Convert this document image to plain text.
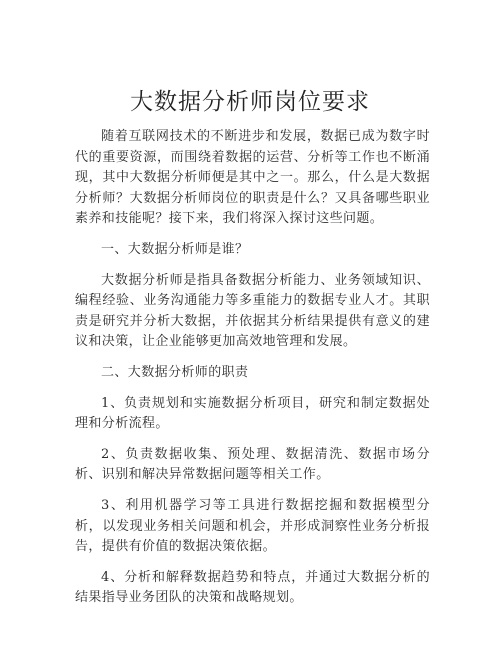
大数据分析师岗位要求

随着互联网技术的不断进步和发展，数据已成为数字时代的重要资源，而围绕着数据的运营、分析等工作也不断涌现，其中大数据分析师便是其中之一。那么，什么是大数据分析师？大数据分析师岗位的职责是什么？又具备哪些职业素养和技能呢？接下来，我们将深入探讨这些问题。

一、大数据分析师是谁？

大数据分析师是指具备数据分析能力、业务领域知识、编程经验、业务沟通能力等多重能力的数据专业人才。其职责是研究并分析大数据，并依据其分析结果提供有意义的建议和决策，让企业能够更加高效地管理和发展。

二、大数据分析师的职责

1、负责规划和实施数据分析项目，研究和制定数据处理和分析流程。

2、负责数据收集、预处理、数据清洗、数据市场分析、识别和解决异常数据问题等相关工作。

3、利用机器学习等工具进行数据挖掘和数据模型分析，以发现业务相关问题和机会，并形成洞察性业务分析报告，提供有价值的数据决策依据。

4、分析和解释数据趋势和特点，并通过大数据分析的结果指导业务团队的决策和战略规划。
